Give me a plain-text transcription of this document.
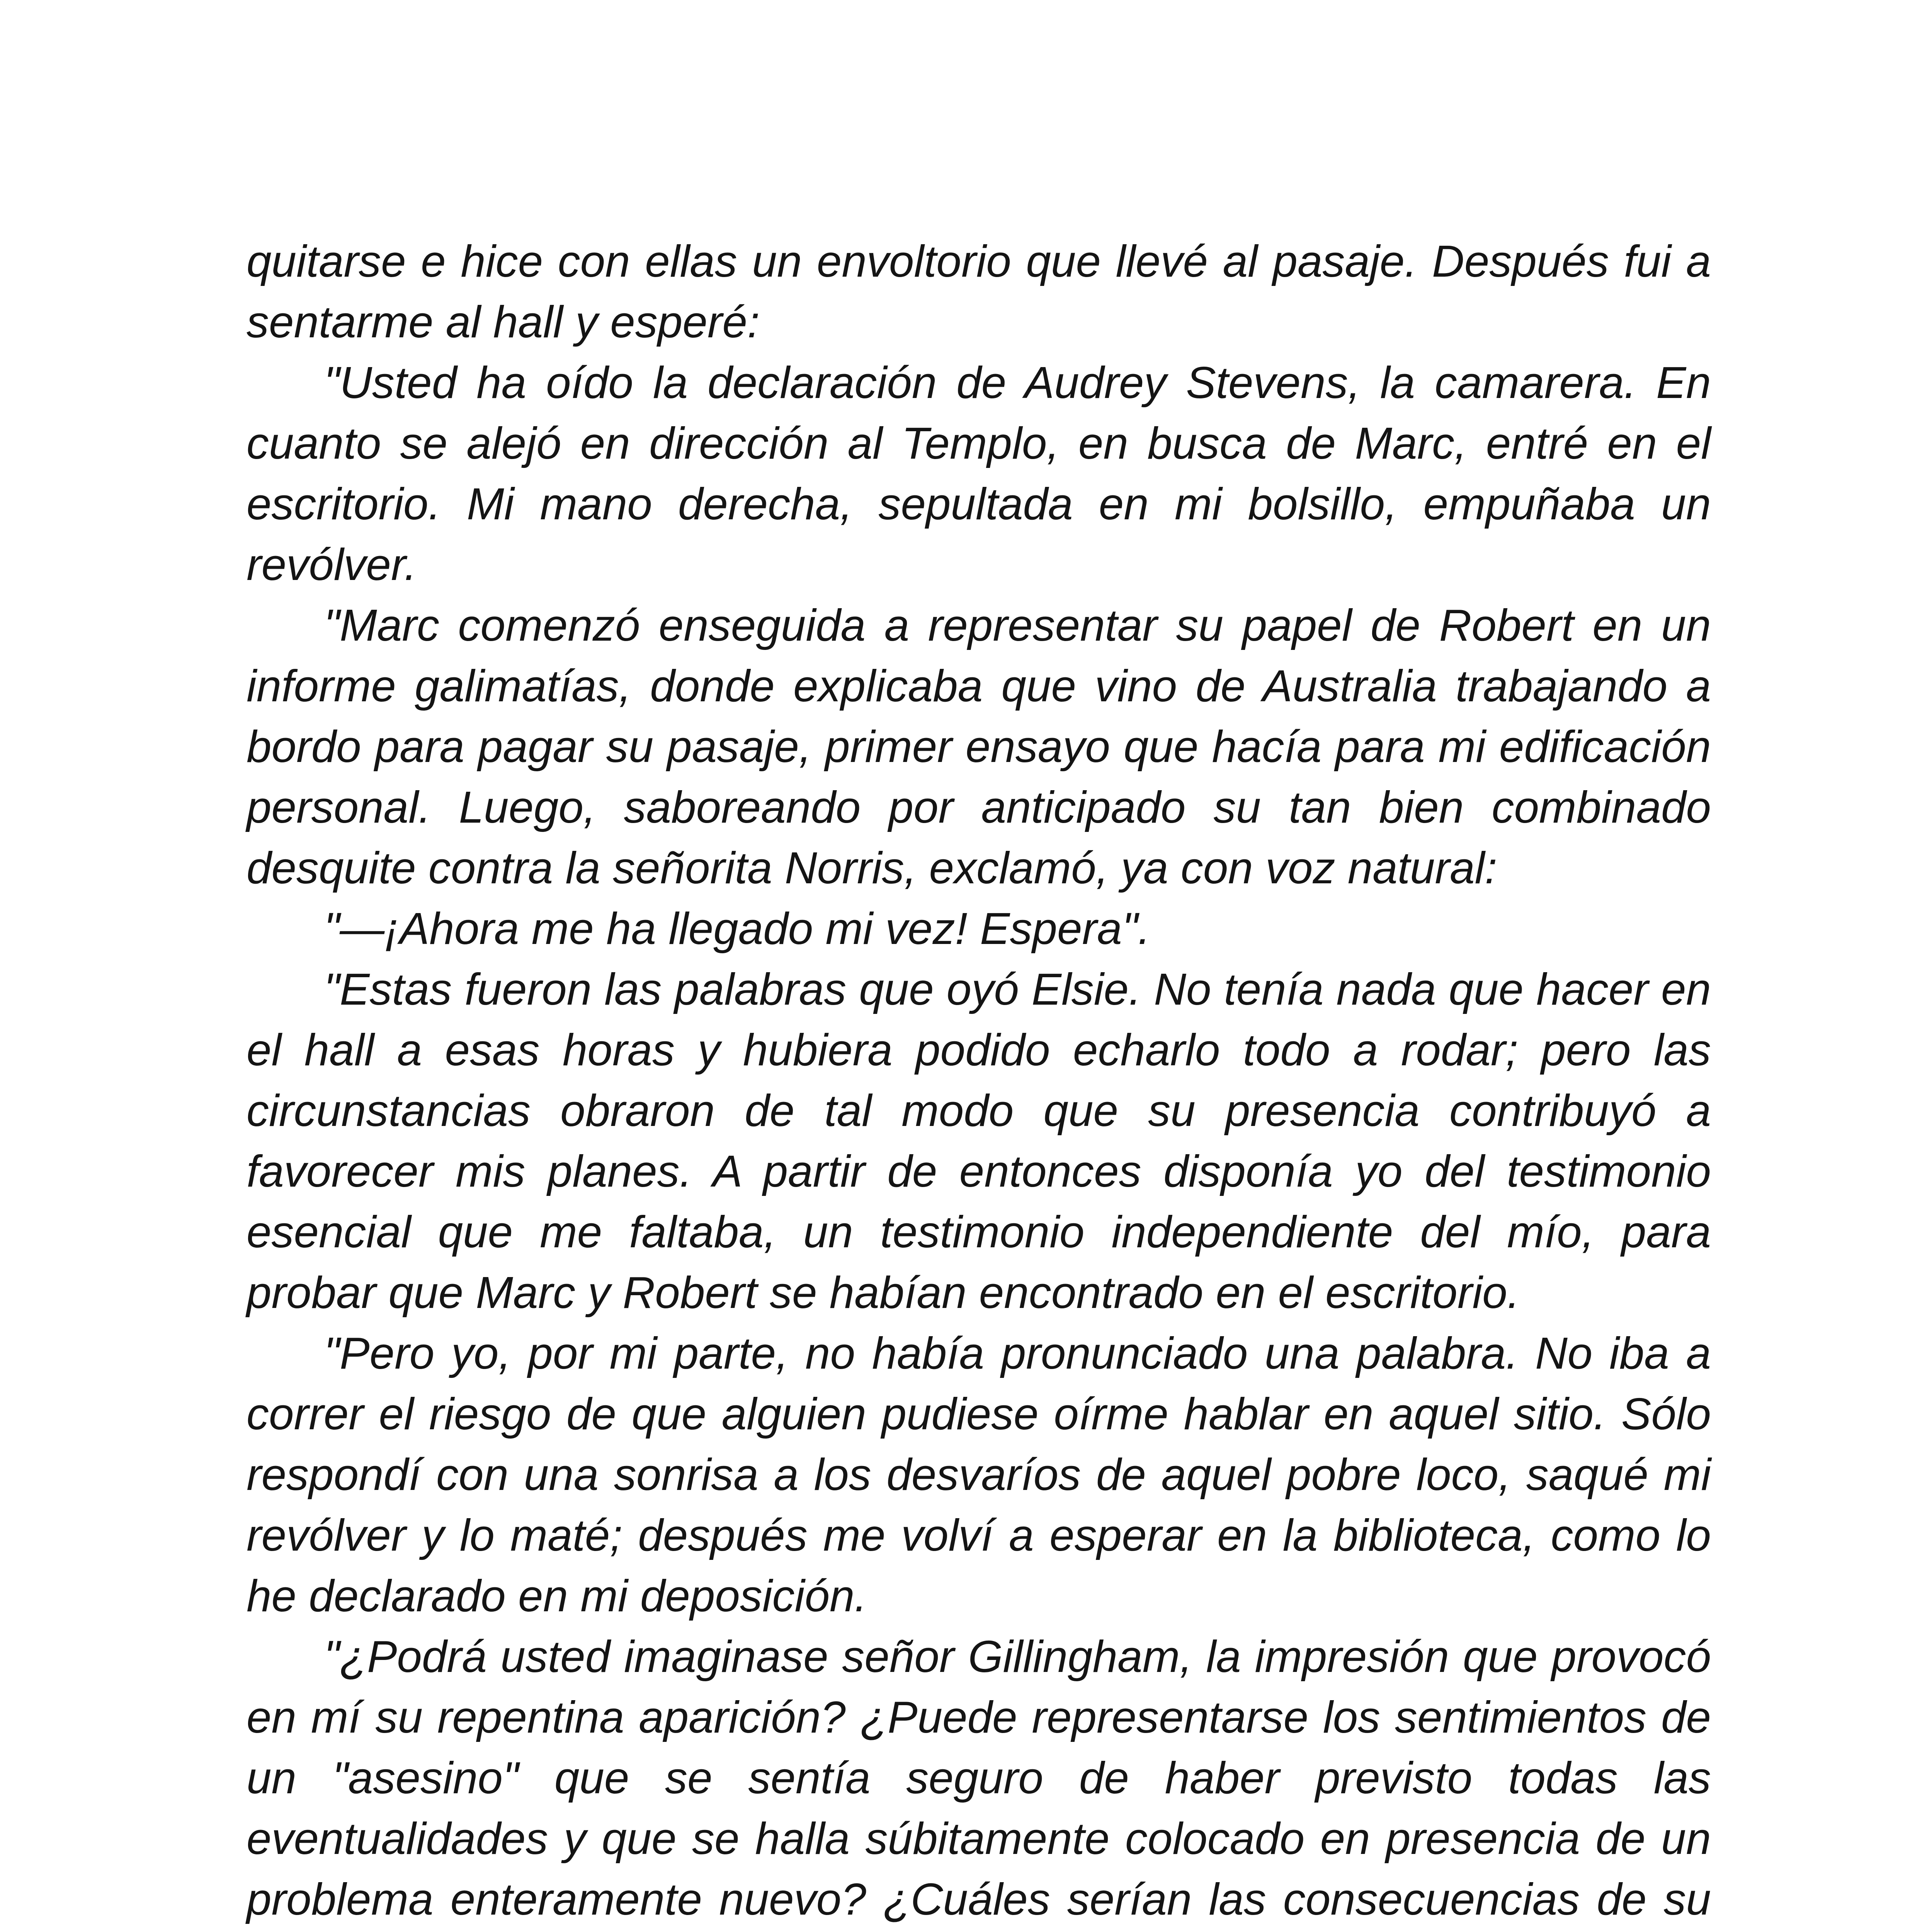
quitarse e hice con ellas un envoltorio que llevé al pasaje. Después fui a sentarme al hall y esperé:

"Usted ha oído la declaración de Audrey Stevens, la camarera. En cuanto se alejó en dirección al Templo, en busca de Marc, entré en el escritorio. Mi mano derecha, sepultada en mi bolsillo, empuñaba un revólver.

"Marc comenzó enseguida a representar su papel de Robert en un informe galimatías, donde explicaba que vino de Australia trabajando a bordo para pagar su pasaje, primer ensayo que hacía para mi edificación personal. Luego, saboreando por anticipado su tan bien combinado desquite contra la señorita Norris, exclamó, ya con voz natural:

"—¡Ahora me ha llegado mi vez! Espera".

"Estas fueron las palabras que oyó Elsie. No tenía nada que hacer en el hall a esas horas y hubiera podido echarlo todo a rodar; pero las circunstancias obraron de tal modo que su presencia contribuyó a favorecer mis planes. A partir de entonces disponía yo del testimonio esencial que me faltaba, un testimonio independiente del mío, para probar que Marc y Robert se habían encontrado en el escritorio.

"Pero yo, por mi parte, no había pronunciado una palabra. No iba a correr el riesgo de que alguien pudiese oírme hablar en aquel sitio. Sólo respondí con una sonrisa a los desvaríos de aquel pobre loco, saqué mi revólver y lo maté; después me volví a esperar en la biblioteca, como lo he declarado en mi deposición.

"¿Podrá usted imaginase señor Gillingham, la impresión que provocó en mí su repentina aparición? ¿Puede representarse los sentimientos de un "asesino" que se sentía seguro de haber previsto todas las eventualidades y que se halla súbitamente colocado en presencia de un problema enteramente nuevo? ¿Cuáles serían las consecuencias de su
